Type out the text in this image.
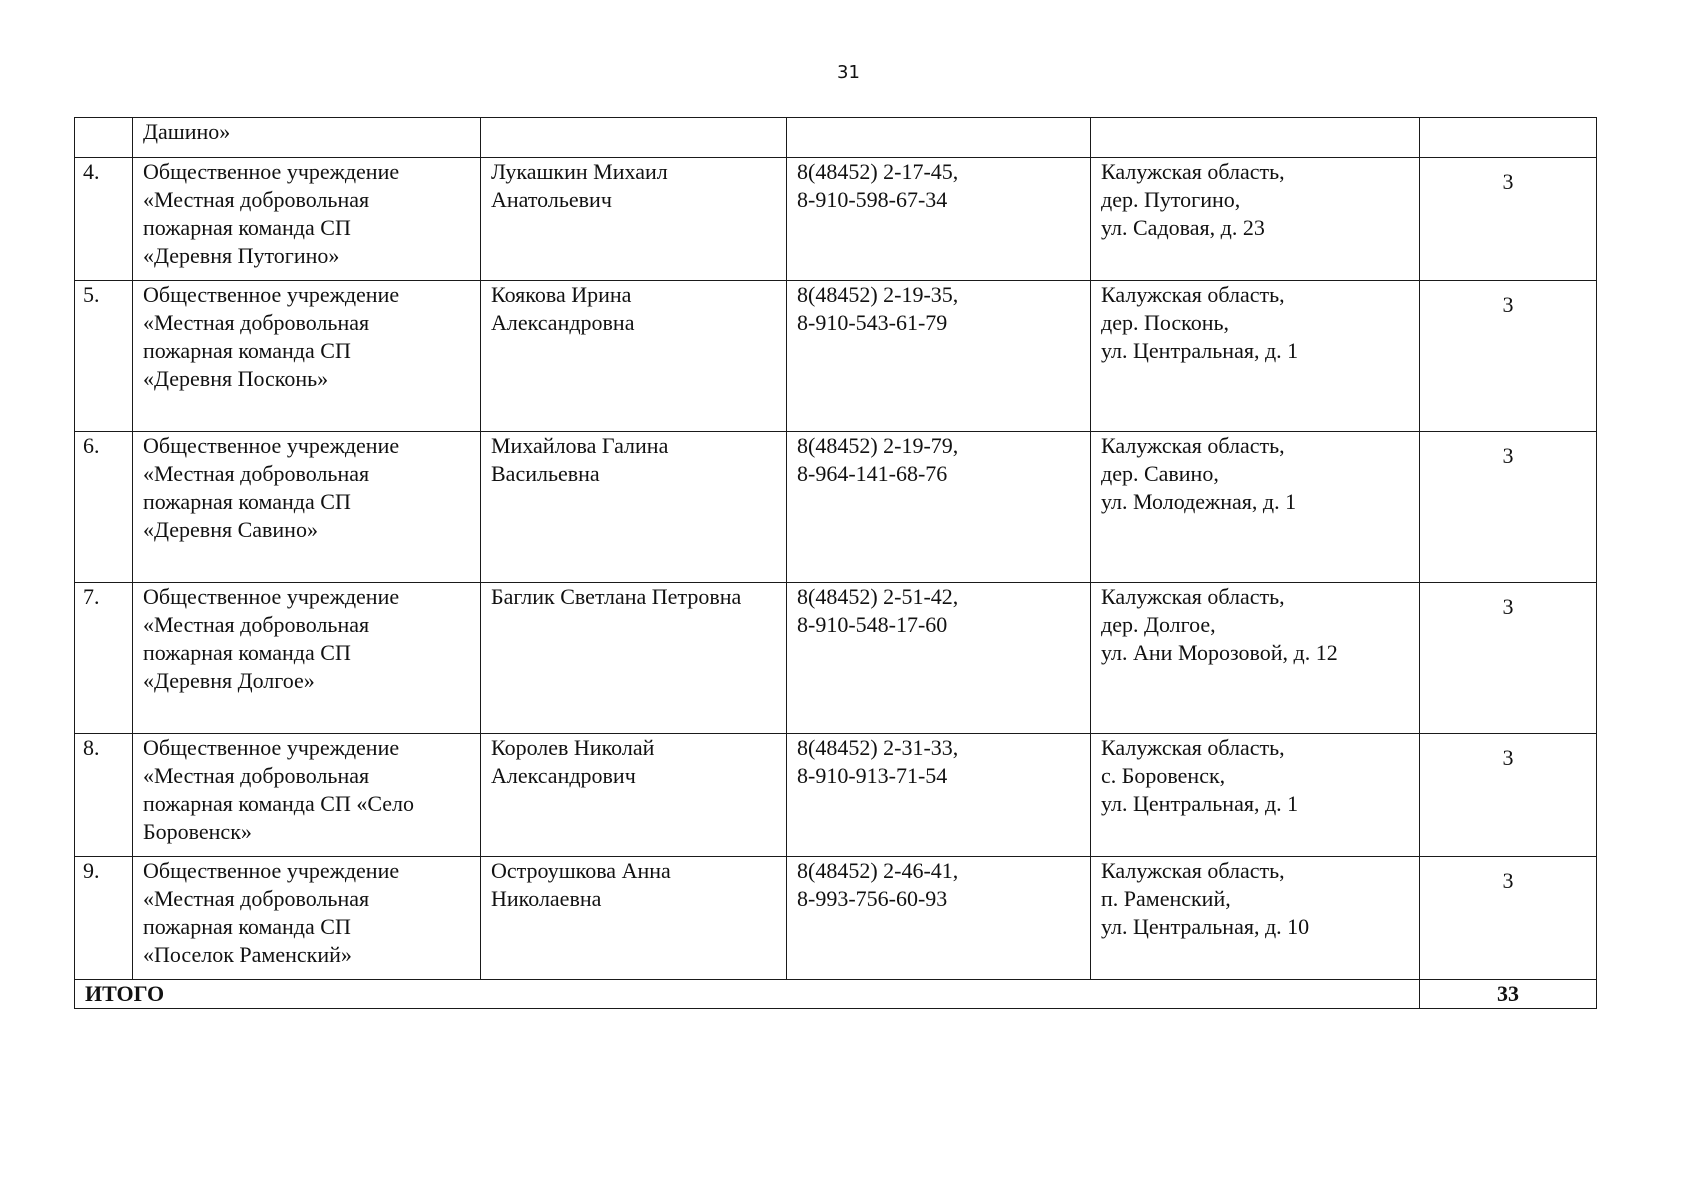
31
	Дашино»				
4.	Общественное учреждение
«Местная добровольная
пожарная команда СП
«Деревня Путогино»	Лукашкин Михаил
Анатольевич	8(48452) 2-17-45,
8-910-598-67-34	Калужская область,
дер. Путогино,
ул. Садовая, д. 23	3
5.	Общественное учреждение
«Местная добровольная
пожарная команда СП
«Деревня Посконь»	Коякова Ирина
Александровна	8(48452) 2-19-35,
8-910-543-61-79	Калужская область,
дер. Посконь,
ул. Центральная, д. 1	3
6.	Общественное учреждение
«Местная добровольная
пожарная команда СП
«Деревня Савино»	Михайлова Галина
Васильевна	8(48452) 2-19-79,
8-964-141-68-76	Калужская область,
дер. Савино,
ул. Молодежная, д. 1	3
7.	Общественное учреждение
«Местная добровольная
пожарная команда СП
«Деревня Долгое»	Баглик Светлана Петровна	8(48452) 2-51-42,
8-910-548-17-60	Калужская область,
дер. Долгое,
ул. Ани Морозовой, д. 12	3
8.	Общественное учреждение
«Местная добровольная
пожарная команда СП «Село
Боровенск»	Королев Николай
Александрович	8(48452) 2-31-33,
8-910-913-71-54	Калужская область,
с. Боровенск,
ул. Центральная, д. 1	3
9.	Общественное учреждение
«Местная добровольная
пожарная команда СП
«Поселок Раменский»	Остроушкова Анна
Николаевна	8(48452) 2-46-41,
8-993-756-60-93	Калужская область,
п. Раменский,
ул. Центральная, д. 10	3
ИТОГО					33
